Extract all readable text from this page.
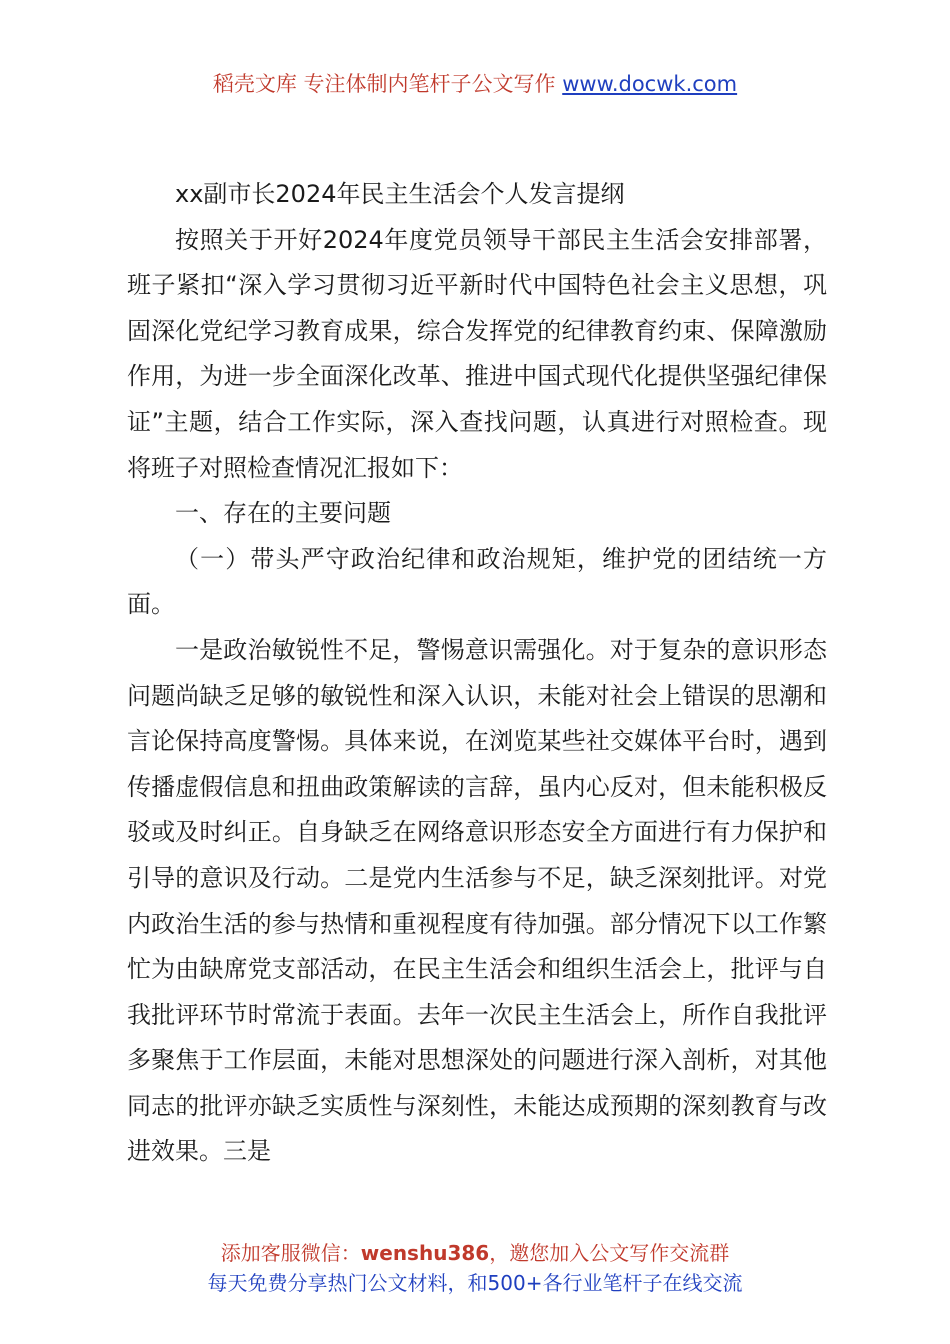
稻壳文库 专注体制内笔杆子公文写作 www.docwk.com

xx副市长2024年民主生活会个人发言提纲

按照关于开好2024年度党员领导干部民主生活会安排部署，班子紧扣“深入学习贯彻习近平新时代中国特色社会主义思想，巩固深化党纪学习教育成果，综合发挥党的纪律教育约束、保障激励作用，为进一步全面深化改革、推进中国式现代化提供坚强纪律保证”主题，结合工作实际，深入查找问题，认真进行对照检查。现将班子对照检查情况汇报如下：

一、存在的主要问题

（一）带头严守政治纪律和政治规矩，维护党的团结统一方面。

一是政治敏锐性不足，警惕意识需强化。对于复杂的意识形态问题尚缺乏足够的敏锐性和深入认识，未能对社会上错误的思潮和言论保持高度警惕。具体来说，在浏览某些社交媒体平台时，遇到传播虚假信息和扭曲政策解读的言辞，虽内心反对，但未能积极反驳或及时纠正。自身缺乏在网络意识形态安全方面进行有力保护和引导的意识及行动。二是党内生活参与不足，缺乏深刻批评。对党内政治生活的参与热情和重视程度有待加强。部分情况下以工作繁忙为由缺席党支部活动，在民主生活会和组织生活会上，批评与自我批评环节时常流于表面。去年一次民主生活会上，所作自我批评多聚焦于工作层面，未能对思想深处的问题进行深入剖析，对其他同志的批评亦缺乏实质性与深刻性，未能达成预期的深刻教育与改进效果。三是

添加客服微信：wenshu386，邀您加入公文写作交流群
每天免费分享热门公文材料，和500+各行业笔杆子在线交流
